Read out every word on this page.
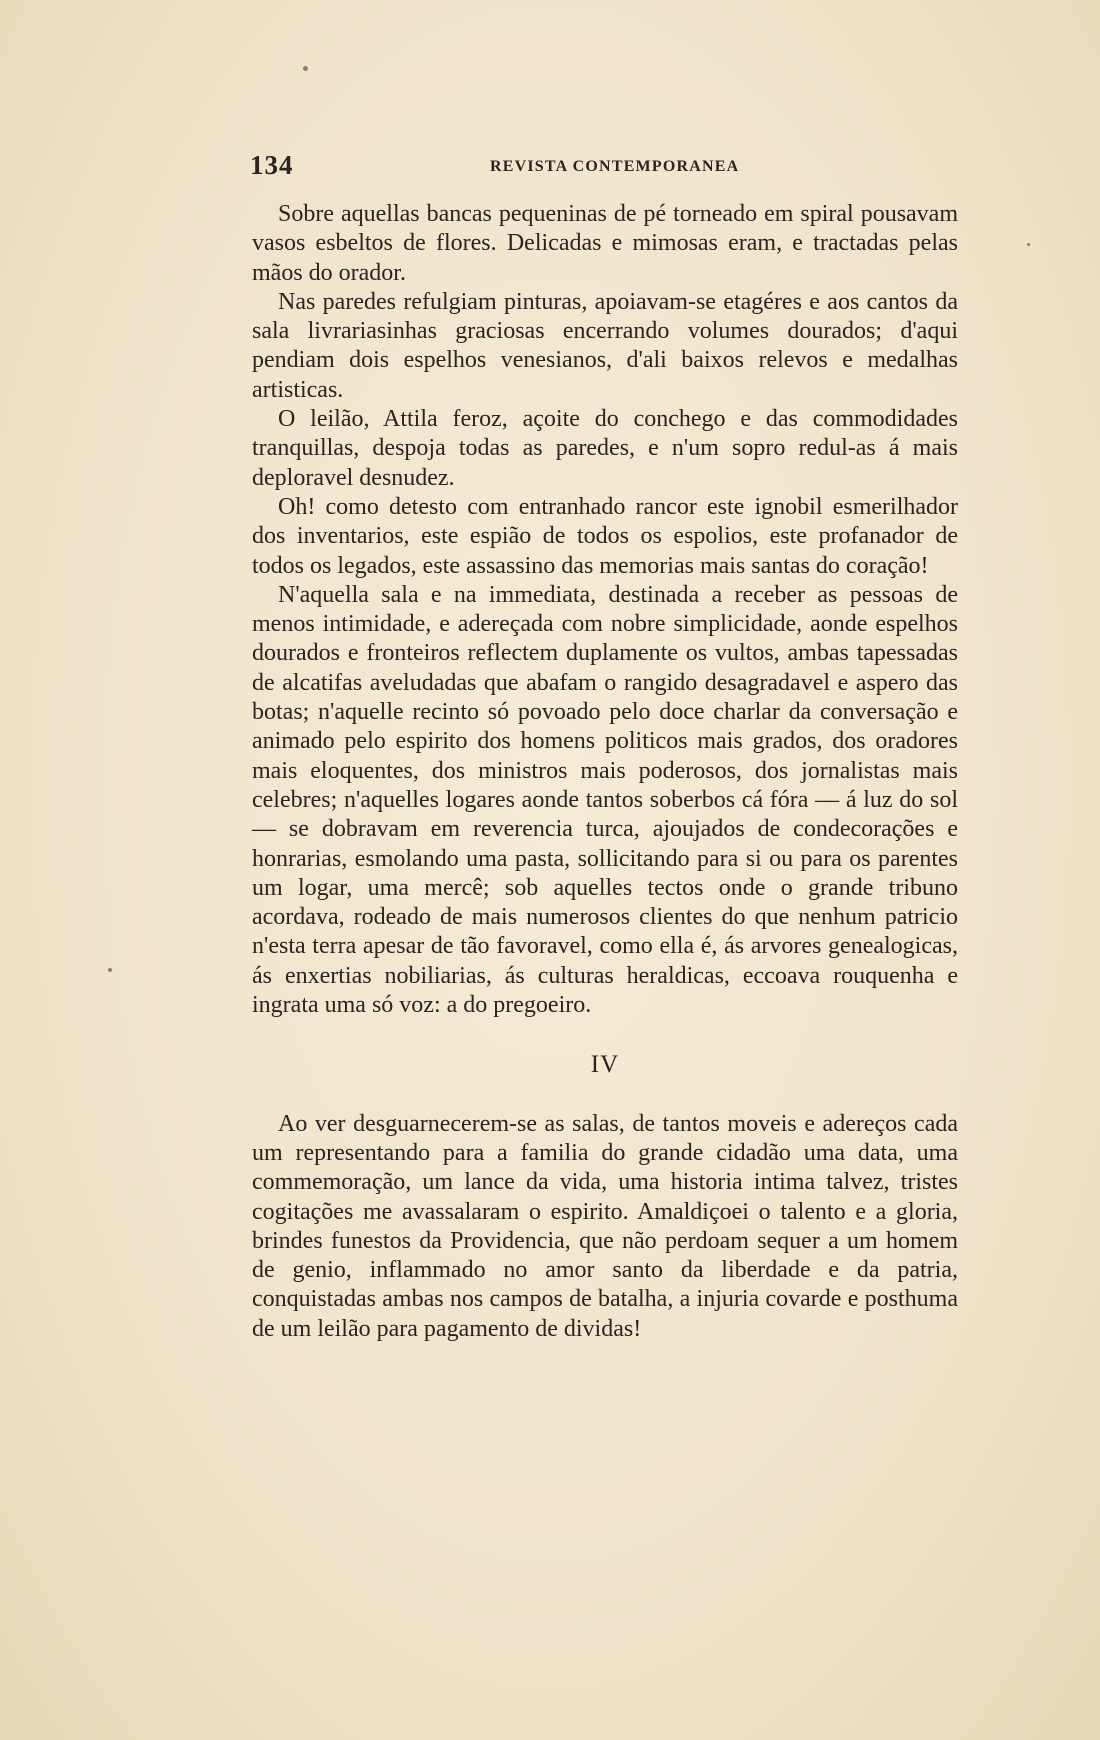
134	REVISTA CONTEMPORANEA

Sobre aquellas bancas pequeninas de pé torneado em spiral pousavam vasos esbeltos de flores. Delicadas e mimosas eram, e tractadas pelas mãos do orador.

Nas paredes refulgiam pinturas, apoiavam-se etagéres e aos cantos da sala livrariasinhas graciosas encerrando volumes dourados; d'aqui pendiam dois espelhos venesianos, d'ali baixos relevos e medalhas artisticas.

O leilão, Attila feroz, açoite do conchego e das commodidades tranquillas, despoja todas as paredes, e n'um sopro redul-as á mais deploravel desnudez.

Oh! como detesto com entranhado rancor este ignobil esmerilhador dos inventarios, este espião de todos os espolios, este profanador de todos os legados, este assassino das memorias mais santas do coração!

N'aquella sala e na immediata, destinada a receber as pessoas de menos intimidade, e adereçada com nobre simplicidade, aonde espelhos dourados e fronteiros reflectem duplamente os vultos, ambas tapessadas de alcatifas aveludadas que abafam o rangido desagradavel e aspero das botas; n'aquelle recinto só povoado pelo doce charlar da conversação e animado pelo espirito dos homens politicos mais grados, dos oradores mais eloquentes, dos ministros mais poderosos, dos jornalistas mais celebres; n'aquelles logares aonde tantos soberbos cá fóra — á luz do sol — se dobravam em reverencia turca, ajoujados de condecorações e honrarias, esmolando uma pasta, sollicitando para si ou para os parentes um logar, uma mercê; sob aquelles tectos onde o grande tribuno acordava, rodeado de mais numerosos clientes do que nenhum patricio n'esta terra apesar de tão favoravel, como ella é, ás arvores genealogicas, ás enxertias nobiliarias, ás culturas heraldicas, eccoava rouquenha e ingrata uma só voz: a do pregoeiro.

IV

Ao ver desguarnecerem-se as salas, de tantos moveis e adereços cada um representando para a familia do grande cidadão uma data, uma commemoração, um lance da vida, uma historia intima talvez, tristes cogitações me avassalaram o espirito. Amaldiçoei o talento e a gloria, brindes funestos da Providencia, que não perdoam sequer a um homem de genio, inflammado no amor santo da liberdade e da patria, conquistadas ambas nos campos de batalha, a injuria covarde e posthuma de um leilão para pagamento de dividas!
